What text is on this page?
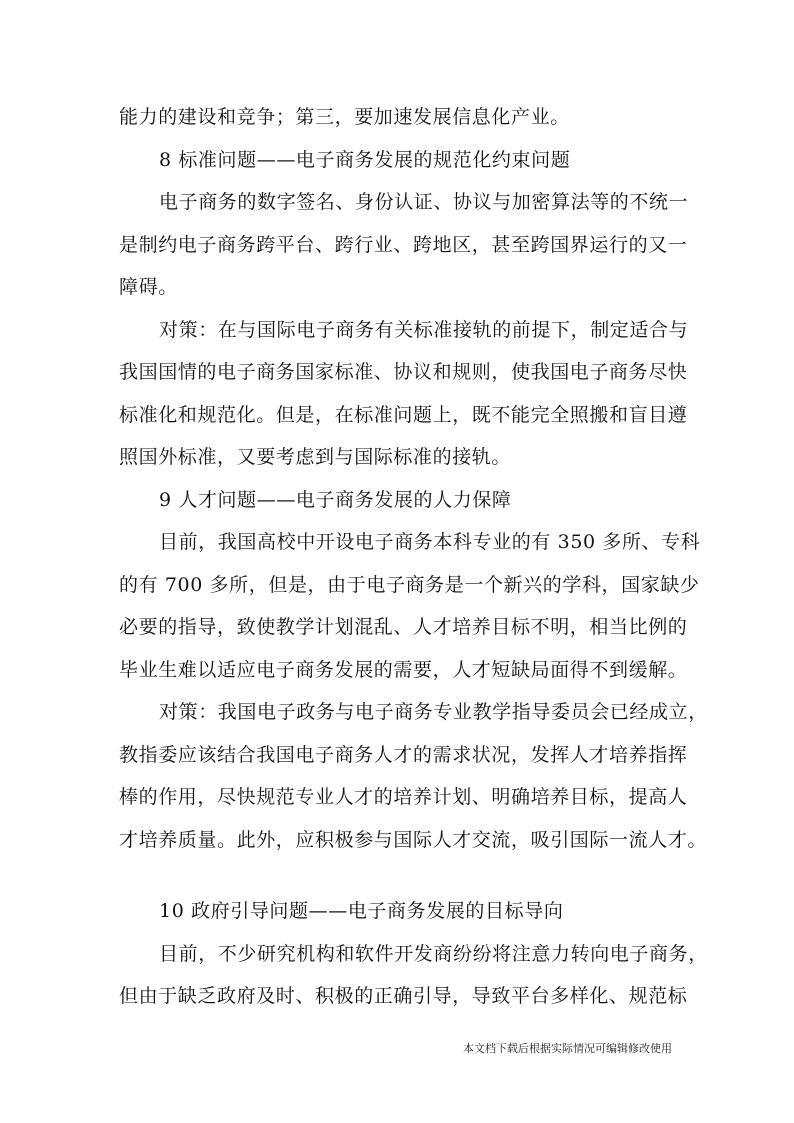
能力的建设和竞争；第三，要加速发展信息化产业。
8 标准问题——电子商务发展的规范化约束问题
电子商务的数字签名、身份认证、协议与加密算法等的不统一
是制约电子商务跨平台、跨行业、跨地区，甚至跨国界运行的又一
障碍。
对策：在与国际电子商务有关标准接轨的前提下，制定适合与
我国国情的电子商务国家标准、协议和规则，使我国电子商务尽快
标准化和规范化。但是，在标准问题上，既不能完全照搬和盲目遵
照国外标准，又要考虑到与国际标准的接轨。
9 人才问题——电子商务发展的人力保障
目前，我国高校中开设电子商务本科专业的有 350 多所、专科
的有 700 多所，但是，由于电子商务是一个新兴的学科，国家缺少
必要的指导，致使教学计划混乱、人才培养目标不明，相当比例的
毕业生难以适应电子商务发展的需要，人才短缺局面得不到缓解。
对策：我国电子政务与电子商务专业教学指导委员会已经成立，
教指委应该结合我国电子商务人才的需求状况，发挥人才培养指挥
棒的作用，尽快规范专业人才的培养计划、明确培养目标，提高人
才培养质量。此外，应积极参与国际人才交流，吸引国际一流人才。
10 政府引导问题——电子商务发展的目标导向
目前，不少研究机构和软件开发商纷纷将注意力转向电子商务，
但由于缺乏政府及时、积极的正确引导，导致平台多样化、规范标
本文档下载后根据实际情况可编辑修改使用
